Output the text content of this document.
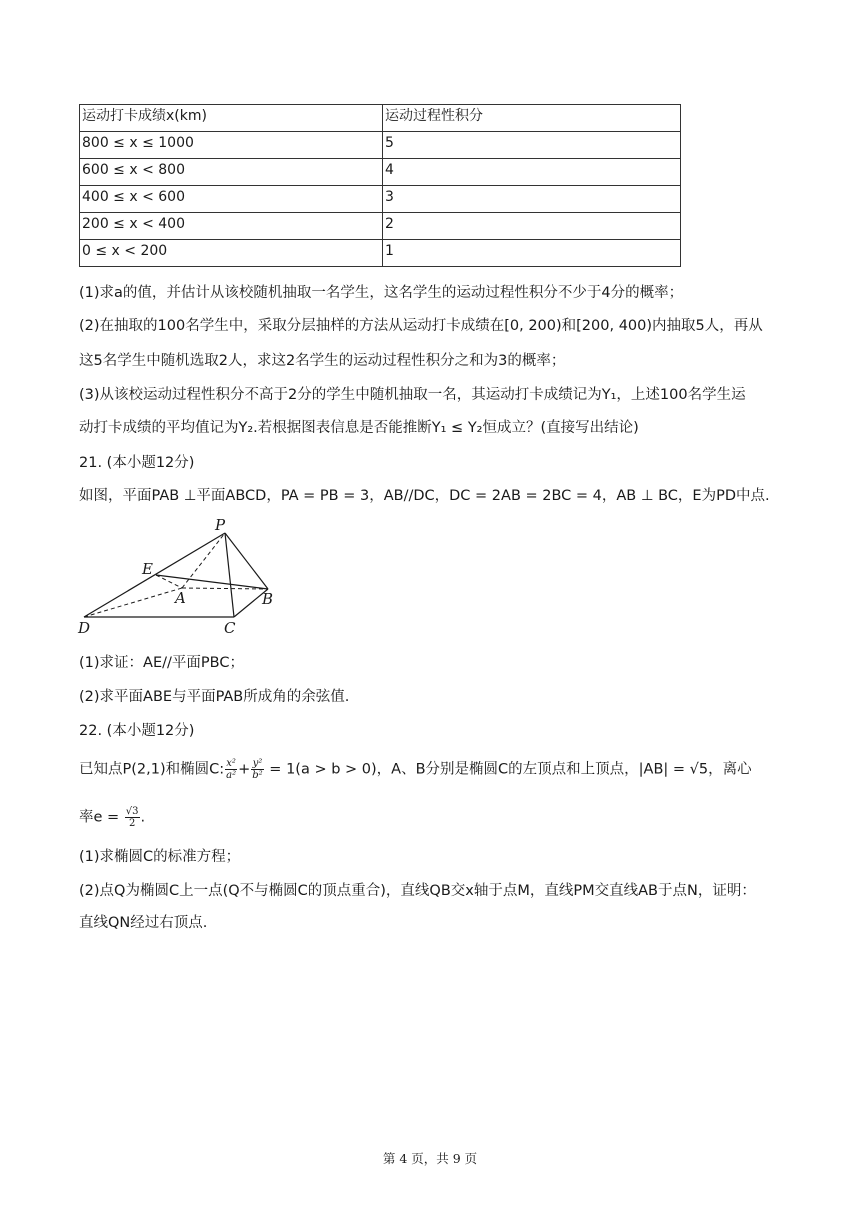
运动打卡成绩x(km)	运动过程性积分
800 ≤ x ≤ 1000	5
600 ≤ x < 800	4
400 ≤ x < 600	3
200 ≤ x < 400	2
0 ≤ x < 200	1
(1)求a的值，并估计从该校随机抽取一名学生，这名学生的运动过程性积分不少于4分的概率；
(2)在抽取的100名学生中，采取分层抽样的方法从运动打卡成绩在[0, 200)和[200, 400)内抽取5人，再从
这5名学生中随机选取2人，求这2名学生的运动过程性积分之和为3的概率；
(3)从该校运动过程性积分不高于2分的学生中随机抽取一名，其运动打卡成绩记为Y₁，上述100名学生运
动打卡成绩的平均值记为Y₂.若根据图表信息是否能推断Y₁ ≤ Y₂恒成立？(直接写出结论)
21. (本小题12分)
如图，平面PAB ⊥平面ABCD，PA = PB = 3，AB//DC，DC = 2AB = 2BC = 4，AB ⊥ BC，E为PD中点.
P
E
A	B
D	C
(1)求证：AE//平面PBC；
(2)求平面ABE与平面PAB所成角的余弦值.
22. (本小题12分)
已知点P(2,1)和椭圆C: $\frac{\text{x²}}{\text{a²}} + \frac{\text{y²}}{\text{b²}} = 1(a > b > 0)$，A、B分别是椭圆C的左顶点和上顶点，|AB| = √5，离心
率$e = \frac{√3}{2}$ .
(1)求椭圆C的标准方程；
(2)点Q为椭圆C上一点(Q不与椭圆C的顶点重合)，直线QB交x轴于点M，直线PM交直线AB于点N，证明：
直线QN经过右顶点.
第 4 页，共 9 页
